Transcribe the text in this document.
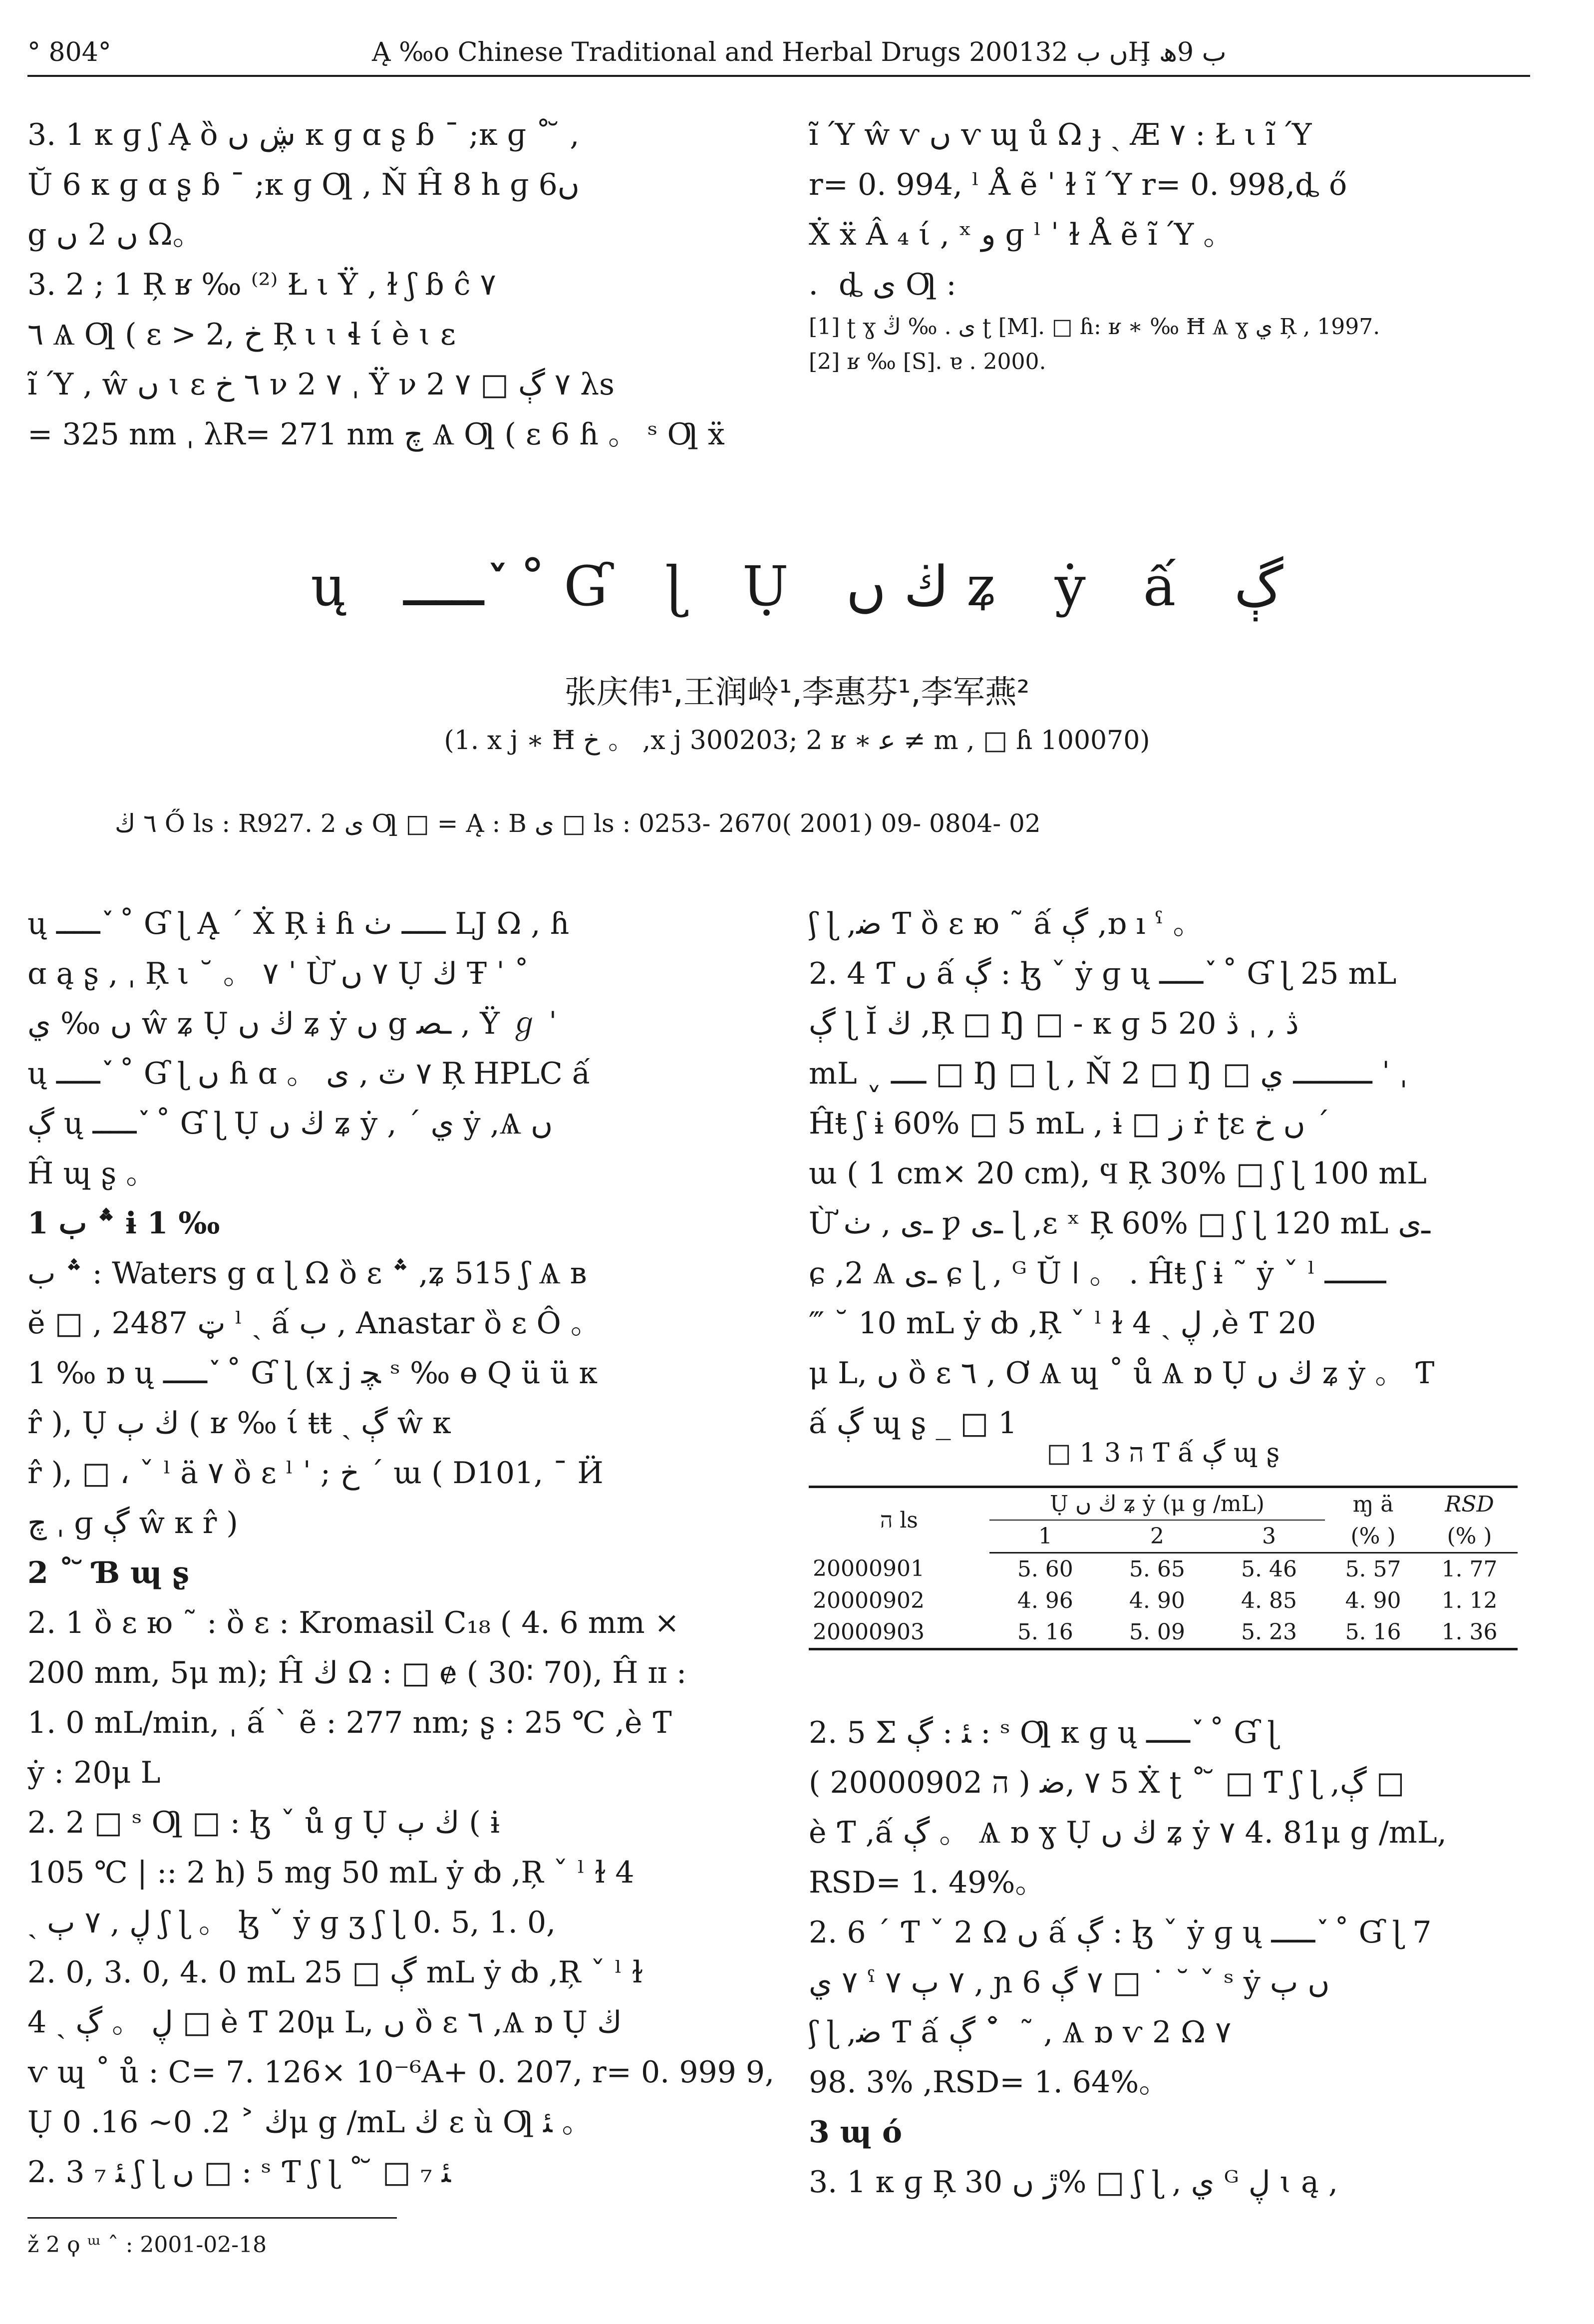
° 804°	Ą ‰o Chinese Traditional and Herbal Drugs 2001ں ب 32Ḩ ب 9ھ

3. 1 κ ɡ ʃ Ą ȍ ڜ ں κ ɡ ɑ ʂ ɓ ¯ ;κ ɡ ˚ ̆ ,

Ŭ 6 κ ɡ ɑ ʂ ɓ ¯ ;κ ɡ Ƣ , Ň Ĥ 8 հ ɡ ں6

g ں 2 ں Ω。

3. 2 ; 1 Ŗ ʁ ‰ ⁽²⁾ Ł ι Ϋ , ɫ ʃ ɓ ĉ ٧

٦ Ѧ Ƣ ( ɛ > خ ,2 Ŗ ι ɩ ɬ ί è ɩ ɛ

ĩ Ύ , ŵ ں ɩ ɛ ٦ خ ν 2 ٧ ˌ Ÿ ν 2 ٧ ڳ □ ٧ λs

= 325 nm ˌ λR= 271 nm ﭺ Ѧ Ƣ ( ɛ 6 ɦ 。 ˢ Ƣ ẍ

ĩ Ύ ŵ ѵ ں ѵ ɰ ů Ω ɟ ˏ Æ ٧ : Ł ι ĩ Ύ

r= 0. 994, ˡ Å ẽ ˈ ɫ ĩ Ύ r= 0. 998,ȡ ő

Ẋ ẍ Â ₄ ί , ˣ و ɡ ˡ ˈ ɫ Å ẽ ĩ Ύ 。

．ȡ ى Ƣ :

[1] ʈ ɣ ى . ‰ ڭ ʈ [M]. □ ɦ: ʁ ∗ ‰ Ħ Ѧ ɣ ي Ŗ , 1997.

[2] ʁ ‰ [S]. ɐ . 2000.

ų ـــــ ٚ ˚ Ɠ ɭ Ụ ڬ ں ʑ ẏ ấ ڳ
张庆伟¹,王润岭¹,李惠芬¹,李军燕²
(1. x j ∗ Ħ خ 。 ,x j 300203; 2 ʁ ∗ ﻋ ≠ m , □ ɦ 100070)
٦ ڬ Ő ls : R927. 2 ى Ƣ □ = Ą : B ى □ ls : 0253- 2670( 2001) 09- 0804- 02

ų ـــــ ٚ ˚ Ɠ ɭ Ą ˊ Ẋ Ŗ ɨ ɦ ـــــ ٺ LJ Ω , ɦ

ɑ ą ʂ , ˌ Ŗ ι ˘ 。 ٧ ˈ Ừ ٧ ں Ụ ڬ Ŧ ˈ ˚

ں ‰ ي ŵ ʑ Ụ ڬ ں ʑ ẏ ں g ـﺼ , Ÿ ℊ ˈ

ų ـــــ ٚ ˚ Ɠ ɭ ں ɦ ɑ 。 ٧ ٽ , ى Ŗ HPLC ấ

ڳ ų ـــــ ٚ ˚ Ɠ ɭ Ụ ڬ ں ʑ ẏ , ˊ ي ẏ ,Ѧ ں

Ĥ ɰ ʂ 。

1 ؞ ب ɨ 1 ‰

؞ ب : Waters g ɑ ɭ Ω ȍ ɛ ؞ ,ʑ 515 ʃ Ѧ ʙ

ĕ □ , 2487 ټ ˡ ˏ ấ ب , Anastar ȍ ɛ Ô 。

1 ‰ ɒ ų ـــــ ٚ ˚ Ɠ ɭ (x j ﭽ ˢ ‰ ɵ Q ü ü κ

r̂ ), Ụ ڬ ٻ ( ʁ ‰ ί ŧŧ ˏ ڳ ŵ κ

r̂ ), □ ، ˇ ˡ ä ٧ ȍ ɛ ˡ ˈ ; خ ˊ ɯ ( D101, ¯ Ӥ

ﭺ ˌ ɡ ڳ ŵ κ r̂ )

2 ˚ ̆ Ɓ ɰ ʂ

2. 1 ȍ ɛ ю ˜ : ȍ ɛ : Kromasil C₁₈ ( 4. 6 mm ×

200 mm, 5μ m); Ĥ ڬ Ω : □ ɇ ( 30∶ 70), Ĥ ɪɪ :

1. 0 mL/min, ˌ ấ ˋ ẽ : 277 nm; ʂ : 25 ℃ ,è Ƭ

ẏ : 20μ L

2. 2 □ ˢ Ƣ □ : ɮ ˇ ů ɡ Ụ ڬ ٻ ( ɨ

105 ℃ | :: 2 h) 5 mg 50 mL ẏ ȸ ,Ŗ ˇ ˡ ɫ 4

ˏ ڸ , ٧ ٻ ʃ ɭ 。 ɮ ˇ ẏ ɡ ʒ ʃ ɭ 0. 5, 1. 0,

2. 0, 3. 0, 4. 0 mL ڳ □ 25 mL ẏ ȸ ,Ŗ ˇ ˡ ɫ

4 ˏ ڸ 。 ڳ □ è Ƭ 20μ L, ں ȍ ɛ ٦ ,Ѧ ɒ Ụ ڬ

ѵ ɰ ˚ ů : C= 7. 126× 10⁻⁶A+ 0. 207, r= 0. 999 9,

Ụ ڬ ˃ 2. 0~ 16. 0μ g /mL ڬ ɛ ù Ƣ ﺌ 。

2. 3 ₇ ﺌ ʃ ɭ ں □ : ˢ Ƭ ʃ ɭ ˚ ̆ □ ₇ ﺌ

ʃ ɭ ,ﺿ Ƭ ȍ ɛ ю ˜ ấ ڳ ,ɒ ı ˤ 。

2. 4 Ƭ ں ấ ڳ : ɮ ˇ ẏ ɡ ų ـــــ ٚ ˚ Ɠ ɭ 25 mL

ڳ ɭ Ĭ ڬ ,Ŗ □ Ŋ □ - κ ɡ 5 ڎ , ˌ ڎ 20

mL ˬ ــــ □ Ŋ □ ɭ , Ň 2 □ Ŋ □ ـــــــــ ي ˈ ˌ

Ĥŧ ʃ ɨ 60% □ 5 mL , ɨ □ ﺯ ṙ ʈɛ ں خ ˊ

ɯ ( 1 cm× 20 cm), Ϥ Ŗ 30% □ ʃ ɭ 100 mL

Ừ ـﻯ , ٺ ƿ ـﻯ ɭ ,ɛ ˣ Ŗ 60% □ ʃ ɭ 120 mL ـﻯ

ɕ ,2 Ѧ ـﻯ ɕ ɭ , ᴳ Ŭ ǀ 。 . Ĥŧ ʃ ɨ ˜ ẏ ˇ ˡ ـــــــ

‴ ˘ 10 mL ẏ ȸ ,Ŗ ˇ ˡ ɫ 4 ˏ ڸ ,è Ƭ 20

μ L, ں ȍ ɛ ٦ , Ơ Ѧ ɰ ˚ ů Ѧ ɒ Ụ ڬ ں ʑ ẏ 。 Ƭ

ấ ڳ ɰ ʂ _ □ 1

□ 1 3 ה Ƭ ấ ڳ ɰ ʂ
ה ls	Ụ ڬ ں ʑ ẏ (μ g /mL)			ɱ ä	RSD
	1	2	3	(% )	(% )
20000901	5. 60	5. 65	5. 46	5. 57	1. 77
20000902	4. 96	4. 90	4. 85	4. 90	1. 12
20000903	5. 16	5. 09	5. 23	5. 16	1. 36

2. 5 Σ ﺌ : ڳ : ˢ Ƣ κ ɡ ų ـــــ ٚ ˚ Ɠ ɭ

( 20000902 ה ) 5 ٧ ,ﺿ Ẋ ʈ ˚ ̆ □ Ƭ ʃ ɭ ,ڳ □

è Ƭ ,ấ ڳ 。 Ѧ ɒ ɣ Ụ ڬ ں ʑ ẏ ٧ 4. 81μ g /mL,

RSD= 1. 49%。

2. 6 ˊ Ƭ ˇ 2 Ω ں ấ ڳ : ɮ ˇ ẏ ɡ ų ـــــ ٚ ˚ Ɠ ɭ 7

٧ ي ˤ ٧ ٻ ٧ , ɲ 6 ٧ ڳ □ ˙ ˘ ˇ ˢ ẏ ں ٻ

ʃ ɭ ,ﺿ Ƭ ấ ڳ ˚ ̆ ˜ , Ѧ ɒ ѵ 2 Ω ٧

98. 3% ,RSD= 1. 64%。

3 ɰ ó

3. 1 κ ɡ Ŗ ڙ ں 30% □ ʃ ɭ , ي ᴳ ڸ ɩ ą ,

ž 2 ϙ ᵚ ˆ : 2001-02-18
